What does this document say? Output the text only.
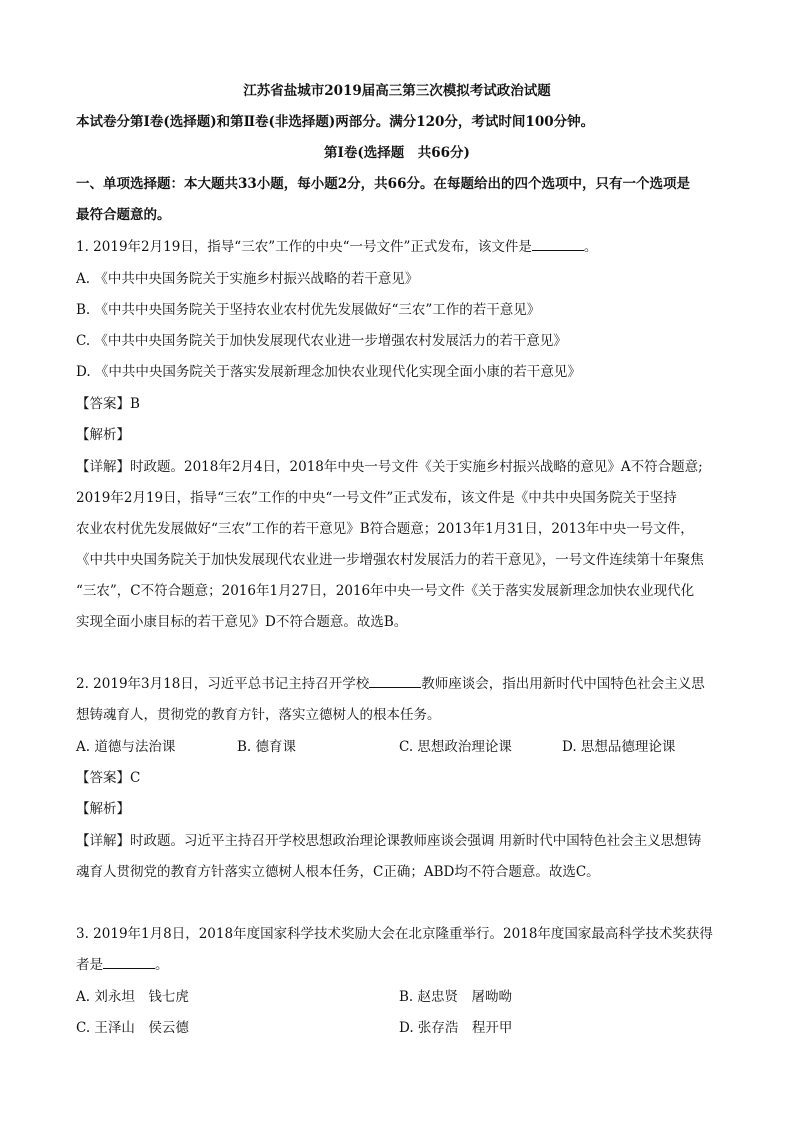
江苏省盐城市2019届高三第三次模拟考试政治试题
本试卷分第Ⅰ卷(选择题)和第Ⅱ卷(非选择题)两部分。满分120分，考试时间100分钟。
第Ⅰ卷(选择题　共66分)
一、单项选择题：本大题共33小题，每小题2分，共66分。在每题给出的四个选项中，只有一个选项是
最符合题意的。
1. 2019年2月19日，指导“三农”工作的中央“一号文件”正式发布，该文件是	。
A. 《中共中央国务院关于实施乡村振兴战略的若干意见》
B. 《中共中央国务院关于坚持农业农村优先发展做好“三农”工作的若干意见》
C. 《中共中央国务院关于加快发展现代农业进一步增强农村发展活力的若干意见》
D. 《中共中央国务院关于落实发展新理念加快农业现代化实现全面小康的若干意见》
【答案】B
【解析】
【详解】时政题。2018年2月4日，2018年中央一号文件《关于实施乡村振兴战略的意见》A不符合题意;
2019年2月19日，指导“三农”工作的中央“一号文件”正式发布，该文件是《中共中央国务院关于坚持
农业农村优先发展做好“三农”工作的若干意见》B符合题意；2013年1月31日，2013年中央一号文件，
《中共中央国务院关于加快发展现代农业进一步增强农村发展活力的若干意见》，一号文件连续第十年聚焦
“三农”，C不符合题意；2016年1月27日，2016年中央一号文件《关于落实发展新理念加快农业现代化
实现全面小康目标的若干意见》D不符合题意。故选B。
2. 2019年3月18日，习近平总书记主持召开学校	教师座谈会，指出用新时代中国特色社会主义思
想铸魂育人，贯彻党的教育方针，落实立德树人的根本任务。
A. 道德与法治课	B. 德育课	C. 思想政治理论课	D. 思想品德理论课
【答案】C
【解析】
【详解】时政题。习近平主持召开学校思想政治理论课教师座谈会强调 用新时代中国特色社会主义思想铸
魂育人贯彻党的教育方针落实立德树人根本任务，C正确；ABD均不符合题意。故选C。
3. 2019年1月8日，2018年度国家科学技术奖励大会在北京隆重举行。2018年度国家最高科学技术奖获得
者是	。
A. 刘永坦　钱七虎	B. 赵忠贤　屠呦呦
C. 王泽山　侯云德	D. 张存浩　程开甲
